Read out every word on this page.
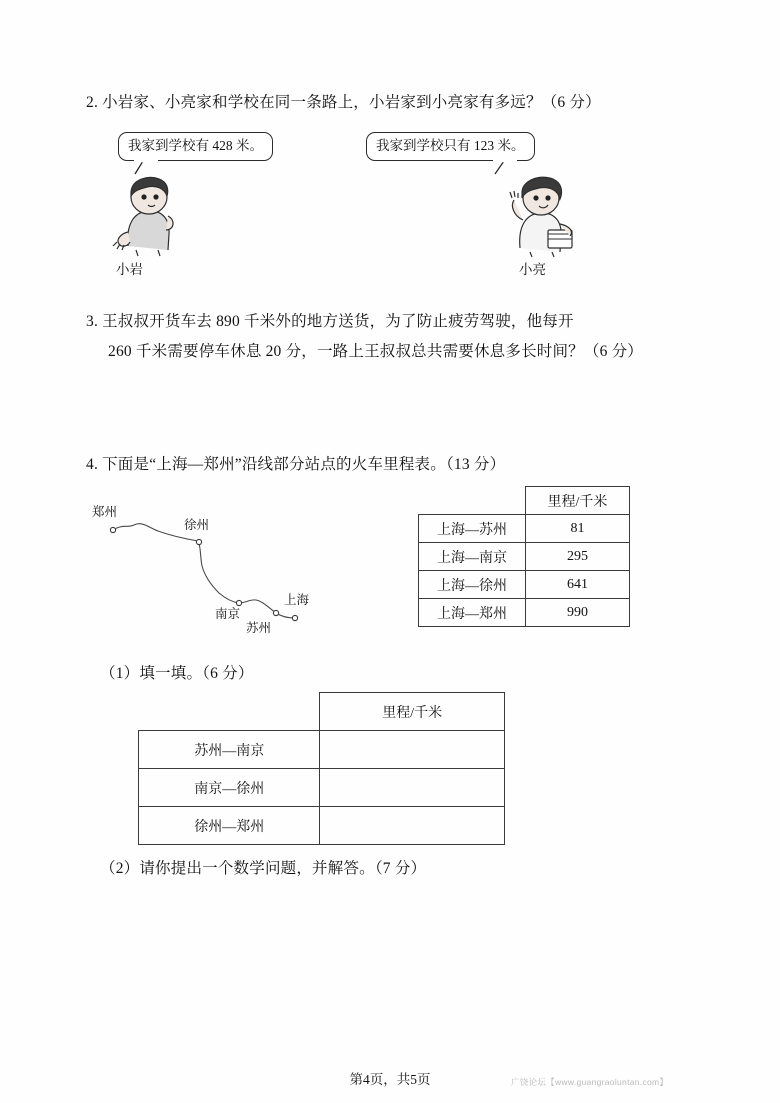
2. 小岩家、小亮家和学校在同一条路上，小岩家到小亮家有多远？（6 分）
我家到学校有 428 米。	我家到学校只有 123 米。
小岩	小亮
3. 王叔叔开货车去 890 千米外的地方送货，为了防止疲劳驾驶，他每开
260 千米需要停车休息 20 分，一路上王叔叔总共需要休息多长时间？（6 分）
4. 下面是“上海—郑州”沿线部分站点的火车里程表。（13 分）
郑州
徐州
南京
苏州
上海
	里程/千米
上海—苏州	81
上海—南京	295
上海—徐州	641
上海—郑州	990
（1）填一填。（6 分）
	里程/千米
苏州—南京	
南京—徐州	
徐州—郑州	
（2）请你提出一个数学问题，并解答。（7 分）
第4页，共5页	广饶论坛【www.guangraoluntan.com】
